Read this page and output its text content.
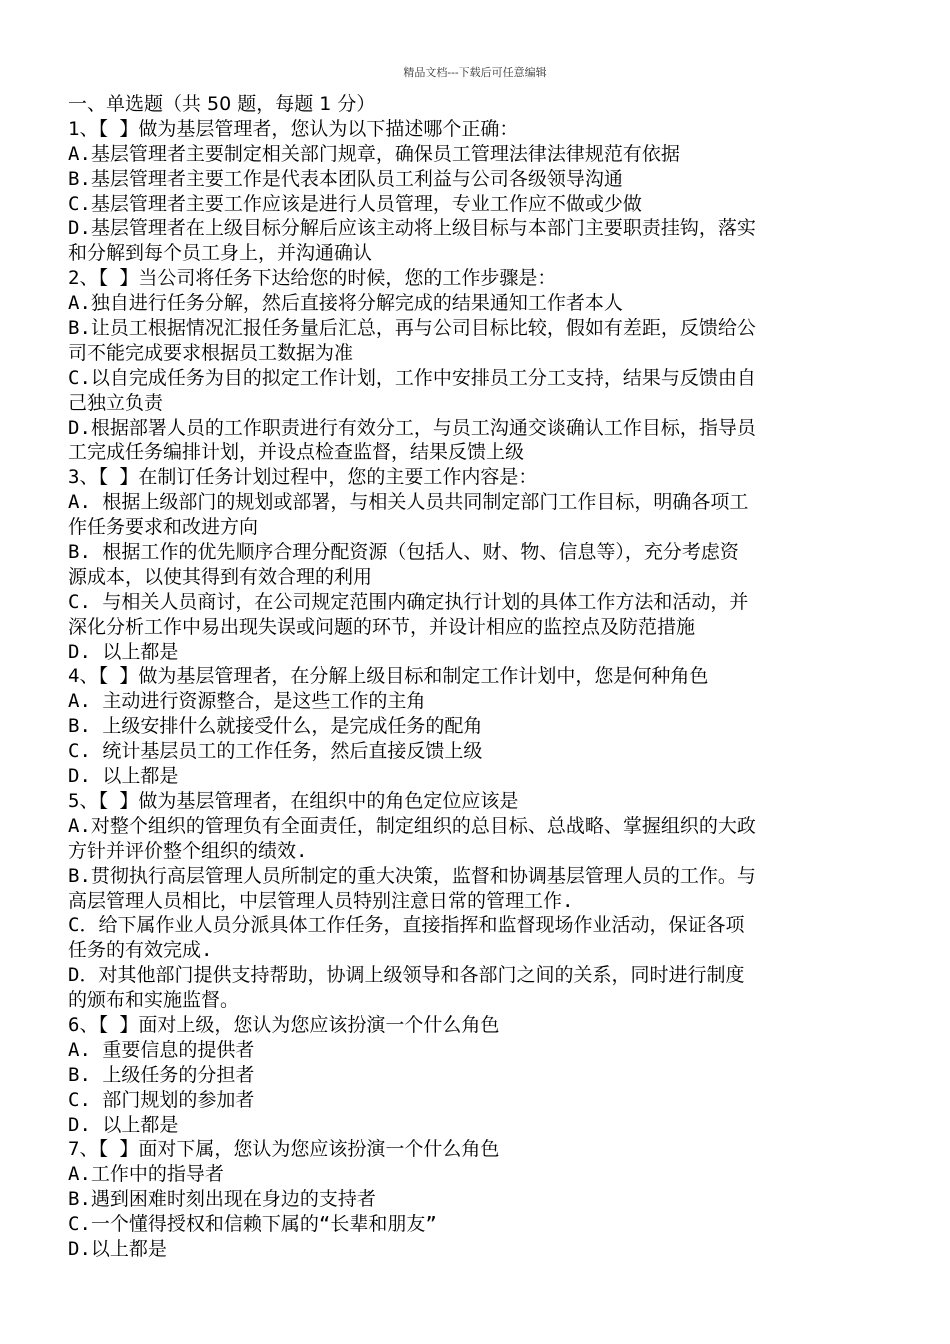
精品文档---下载后可任意编辑
一、单选题（共 50 题，每题 1 分）
1、【 】做为基层管理者，您认为以下描述哪个正确：
A.基层管理者主要制定相关部门规章，确保员工管理法律法律规范有依据
B.基层管理者主要工作是代表本团队员工利益与公司各级领导沟通
C.基层管理者主要工作应该是进行人员管理，专业工作应不做或少做
D.基层管理者在上级目标分解后应该主动将上级目标与本部门主要职责挂钩，落实
和分解到每个员工身上，并沟通确认
2、【 】当公司将任务下达给您的时候，您的工作步骤是：
A.独自进行任务分解，然后直接将分解完成的结果通知工作者本人
B.让员工根据情况汇报任务量后汇总，再与公司目标比较，假如有差距，反馈给公
司不能完成要求根据员工数据为准
C.以自完成任务为目的拟定工作计划，工作中安排员工分工支持，结果与反馈由自
己独立负责
D.根据部署人员的工作职责进行有效分工，与员工沟通交谈确认工作目标，指导员
工完成任务编排计划，并设点检查监督，结果反馈上级
3、【 】在制订任务计划过程中，您的主要工作内容是：
A. 根据上级部门的规划或部署，与相关人员共同制定部门工作目标，明确各项工
作任务要求和改进方向
B. 根据工作的优先顺序合理分配资源（包括人、财、物、信息等），充分考虑资
源成本，以使其得到有效合理的利用
C. 与相关人员商讨，在公司规定范围内确定执行计划的具体工作方法和活动，并
深化分析工作中易出现失误或问题的环节，并设计相应的监控点及防范措施
D. 以上都是
4、【 】做为基层管理者，在分解上级目标和制定工作计划中，您是何种角色
A. 主动进行资源整合，是这些工作的主角
B. 上级安排什么就接受什么，是完成任务的配角
C. 统计基层员工的工作任务，然后直接反馈上级
D. 以上都是
5、【 】做为基层管理者，在组织中的角色定位应该是
A.对整个组织的管理负有全面责任，制定组织的总目标、总战略、掌握组织的大政
方针并评价整个组织的绩效.
B.贯彻执行高层管理人员所制定的重大决策，监督和协调基层管理人员的工作。与
高层管理人员相比，中层管理人员特别注意日常的管理工作.
C．给下属作业人员分派具体工作任务，直接指挥和监督现场作业活动，保证各项
任务的有效完成.
D．对其他部门提供支持帮助，协调上级领导和各部门之间的关系，同时进行制度
的颁布和实施监督。
6、【 】面对上级，您认为您应该扮演一个什么角色
A. 重要信息的提供者
B. 上级任务的分担者
C. 部门规划的参加者
D. 以上都是
7、【 】面对下属，您认为您应该扮演一个什么角色
A.工作中的指导者
B.遇到困难时刻出现在身边的支持者
C.一个懂得授权和信赖下属的“长辈和朋友”
D.以上都是
